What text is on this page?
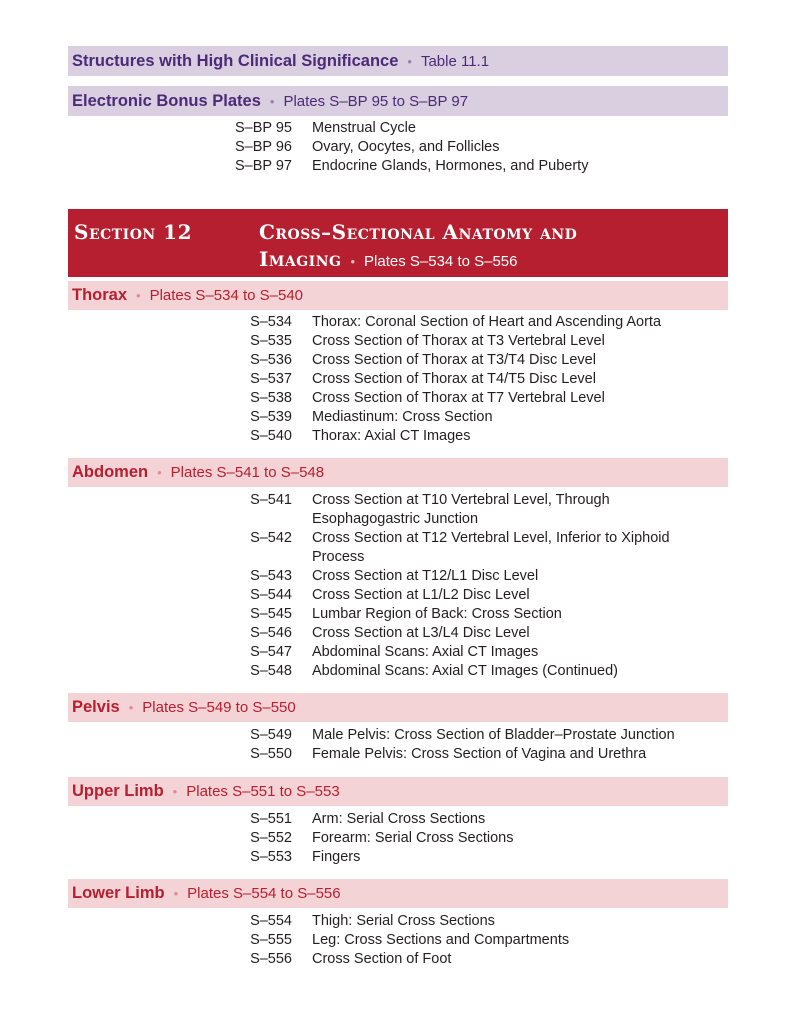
Structures with High Clinical Significance • Table 11.1
Electronic Bonus Plates • Plates S–BP 95 to S–BP 97
S–BP 95 Menstrual Cycle
S–BP 96 Ovary, Oocytes, and Follicles
S–BP 97 Endocrine Glands, Hormones, and Puberty
Section 12	Cross–Sectional Anatomy and
Imaging • Plates S–534 to S–556
Thorax • Plates S–534 to S–540
S–534 Thorax: Coronal Section of Heart and Ascending Aorta
S–535 Cross Section of Thorax at T3 Vertebral Level
S–536 Cross Section of Thorax at T3/T4 Disc Level
S–537 Cross Section of Thorax at T4/T5 Disc Level
S–538 Cross Section of Thorax at T7 Vertebral Level
S–539 Mediastinum: Cross Section
S–540 Thorax: Axial CT Images
Abdomen • Plates S–541 to S–548
S–541 Cross Section at T10 Vertebral Level, Through
Esophagogastric Junction
S–542 Cross Section at T12 Vertebral Level, Inferior to Xiphoid
Process
S–543 Cross Section at T12/L1 Disc Level
S–544 Cross Section at L1/L2 Disc Level
S–545 Lumbar Region of Back: Cross Section
S–546 Cross Section at L3/L4 Disc Level
S–547 Abdominal Scans: Axial CT Images
S–548 Abdominal Scans: Axial CT Images (Continued)
Pelvis • Plates S–549 to S–550
S–549 Male Pelvis: Cross Section of Bladder–Prostate Junction
S–550 Female Pelvis: Cross Section of Vagina and Urethra
Upper Limb • Plates S–551 to S–553
S–551 Arm: Serial Cross Sections
S–552 Forearm: Serial Cross Sections
S–553 Fingers
Lower Limb • Plates S–554 to S–556
S–554 Thigh: Serial Cross Sections
S–555 Leg: Cross Sections and Compartments
S–556 Cross Section of Foot
